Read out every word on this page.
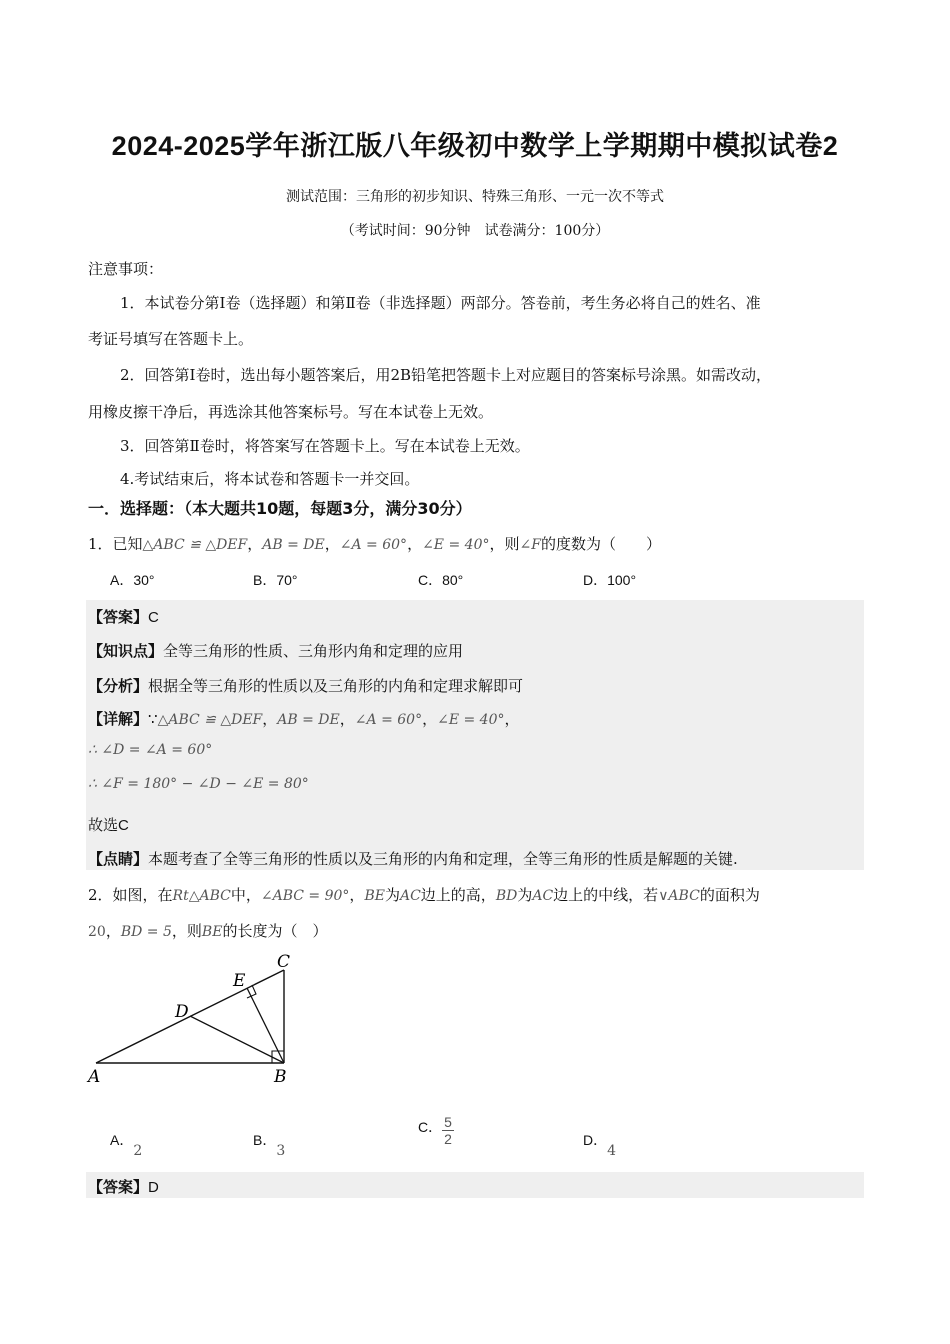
2024-2025学年浙江版八年级初中数学上学期期中模拟试卷2
测试范围：三角形的初步知识、特殊三角形、一元一次不等式
（考试时间：90分钟　试卷满分：100分）
注意事项：
1．本试卷分第Ⅰ卷（选择题）和第Ⅱ卷（非选择题）两部分。答卷前，考生务必将自己的姓名、准
考证号填写在答题卡上。
2．回答第Ⅰ卷时，选出每小题答案后，用2B铅笔把答题卡上对应题目的答案标号涂黑。如需改动，
用橡皮擦干净后，再选涂其他答案标号。写在本试卷上无效。
3．回答第Ⅱ卷时，将答案写在答题卡上。写在本试卷上无效。
4.考试结束后，将本试卷和答题卡一并交回。
一．选择题：（本大题共10题，每题3分，满分30分）
1．已知△ABC ≌ △DEF，AB = DE，∠A = 60°，∠E = 40°，则∠F的度数为（　　）
A．30°	B．70°	C．80°	D．100°
【答案】C
【知识点】全等三角形的性质、三角形内角和定理的应用
【分析】根据全等三角形的性质以及三角形的内角和定理求解即可
【详解】∵△ABC ≌ △DEF，AB = DE，∠A = 60°，∠E = 40°，
∴ ∠D = ∠A = 60°
∴ ∠F = 180° − ∠D − ∠E = 80°
故选C
【点睛】本题考查了全等三角形的性质以及三角形的内角和定理，全等三角形的性质是解题的关键.
2．如图，在Rt△ABC中，∠ABC = 90°，BE为AC边上的高，BD为AC边上的中线，若∨ABC的面积为
20，BD = 5，则BE的长度为（　）
A	B
C
D
E
A．2
B．3
C． $\frac{5}{2}$	D．4
【答案】D
